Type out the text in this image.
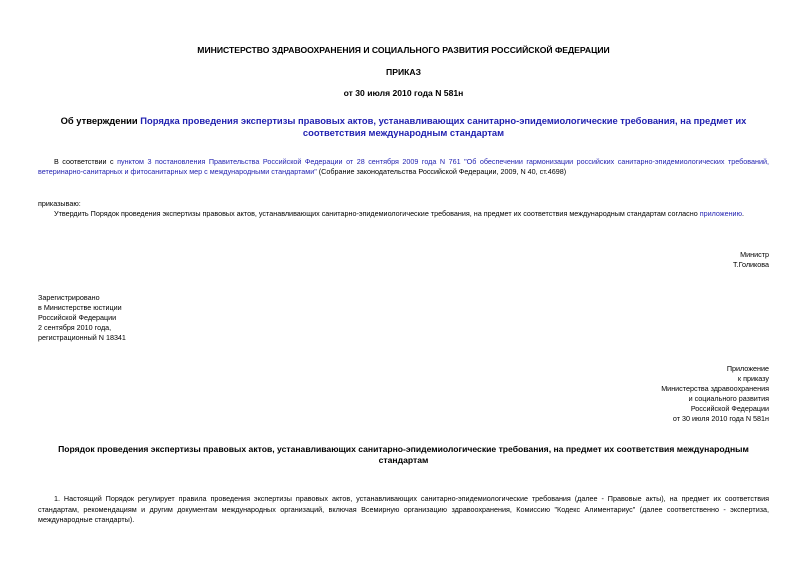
МИНИСТЕРСТВО ЗДРАВООХРАНЕНИЯ И СОЦИАЛЬНОГО РАЗВИТИЯ РОССИЙСКОЙ ФЕДЕРАЦИИ
ПРИКАЗ
от 30 июля 2010 года N 581н
Об утверждении Порядка проведения экспертизы правовых актов, устанавливающих санитарно-эпидемиологические требования, на предмет их соответствия международным стандартам
В соответствии с пунктом 3 постановления Правительства Российской Федерации от 28 сентября 2009 года N 761 "Об обеспечении гармонизации российских санитарно-эпидемиологических требований, ветеринарно-санитарных и фитосанитарных мер с международными стандартами" (Собрание законодательства Российской Федерации, 2009, N 40, ст.4698)
приказываю:
Утвердить Порядок проведения экспертизы правовых актов, устанавливающих санитарно-эпидемиологические требования, на предмет их соответствия международным стандартам согласно приложению.
Министр
Т.Голикова
Зарегистрировано
в Министерстве юстиции
Российской Федерации
2 сентября 2010 года,
регистрационный N 18341
Приложение
к приказу
Министерства здравоохранения
и социального развития
Российской Федерации
от 30 июля 2010 года N 581н
Порядок проведения экспертизы правовых актов, устанавливающих санитарно-эпидемиологические требования, на предмет их соответствия международным стандартам
1. Настоящий Порядок регулирует правила проведения экспертизы правовых актов, устанавливающих санитарно-эпидемиологические требования (далее - Правовые акты), на предмет их соответствия стандартам, рекомендациям и другим документам международных организаций, включая Всемирную организацию здравоохранения, Комиссию "Кодекс Алиментариус" (далее соответственно - экспертиза, международные стандарты).
